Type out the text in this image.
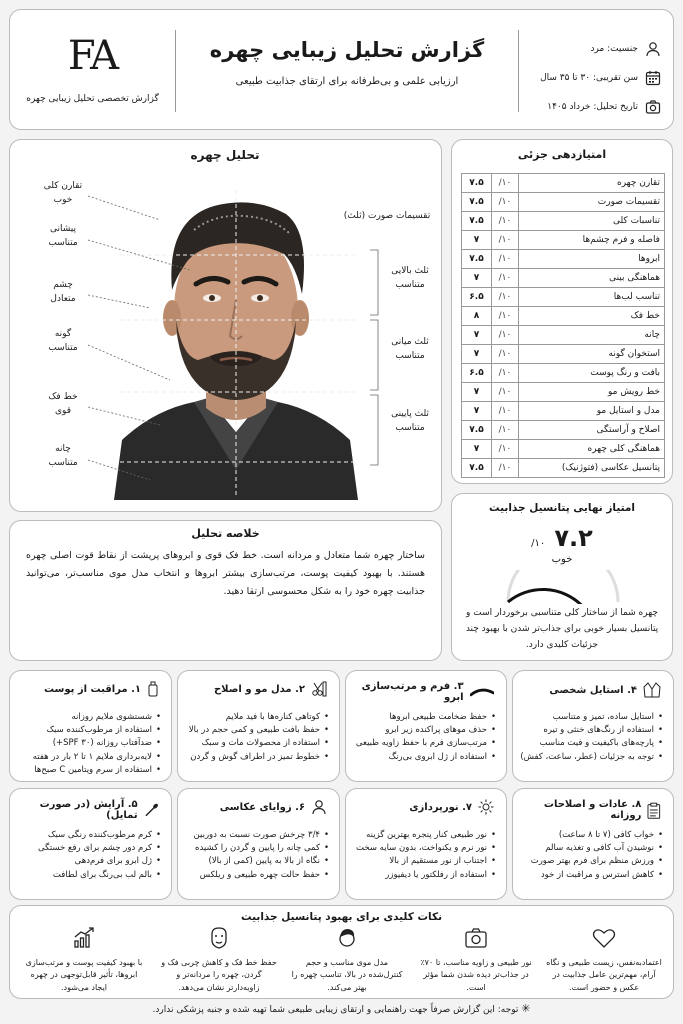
FA
گزارش تخصصی تحلیل زیبایی چهره
گزارش تحلیل زیبایی چهره
ارزیابی علمی و بی‌طرفانه برای ارتقای جذابیت طبیعی
جنسیت: مرد
سن تقریبی: ۳۰ تا ۳۵ سال
تاریخ تحلیل: خرداد ۱۴۰۵
تحلیل چهره
تقارن کلی
خوب
پیشانی
متناسب
چشم
متعادل
گونه
متناسب
خط فک
قوی
چانه
متناسب
تقسیمات صورت (ثلث)
ثلث بالایی
متناسب
ثلث میانی
متناسب
ثلث پایینی
متناسب
امتیازدهی جزئی
۷.۵	/۱۰	تقارن چهره
۷.۵	/۱۰	تقسیمات صورت
۷.۵	/۱۰	تناسبات کلی
۷	/۱۰	فاصله و فرم چشم‌ها
۷.۵	/۱۰	ابروها
۷	/۱۰	هماهنگی بینی
۶.۵	/۱۰	تناسب لب‌ها
۸	/۱۰	خط فک
۷	/۱۰	چانه
۷	/۱۰	استخوان گونه
۶.۵	/۱۰	بافت و رنگ پوست
۷	/۱۰	خط رویش مو
۷	/۱۰	مدل و استایل مو
۷.۵	/۱۰	اصلاح و آراستگی
۷	/۱۰	هماهنگی کلی چهره
۷.۵	/۱۰	پتانسیل عکاسی (فتوژنیک)
امتیاز نهایی پتانسیل جذابیت
/۱۰ ۷.۲
خوب
چهره شما از ساختار کلی متناسبی برخوردار است و پتانسیل بسیار خوبی برای جذاب‌تر شدن با بهبود چند جزئیات کلیدی دارد.
خلاصه تحلیل
ساختار چهره شما متعادل و مردانه است. خط فک قوی و ابروهای پرپشت از نقاط قوت اصلی چهره هستند. با بهبود کیفیت پوست، مرتب‌سازی بیشتر ابروها و انتخاب مدل موی مناسب‌تر، می‌توانید جذابیت چهره خود را به شکل محسوسی ارتقا دهید.
۱. مراقبت از پوست
• شستشوی ملایم روزانه
• استفاده از مرطوب‌کننده سبک
• ضدآفتاب روزانه (SPF ۳۰+)
• لایه‌برداری ملایم ۱ تا ۲ بار در هفته
• استفاده از سرم ویتامین C صبح‌ها
۲. مدل مو و اصلاح
• کوتاهی کناره‌ها با فید ملایم
• حفظ بافت طبیعی و کمی حجم در بالا
• استفاده از محصولات مات و سبک
• خطوط تمیز در اطراف گوش و گردن
۳. فرم و مرتب‌سازی ابرو
• حفظ ضخامت طبیعی ابروها
• حذف موهای پراکنده زیر ابرو
• مرتب‌سازی فرم با حفظ زاویه طبیعی
• استفاده از ژل ابروی بی‌رنگ
۴. استایل شخصی
• استایل ساده، تمیز و متناسب
• استفاده از رنگ‌های خنثی و تیره
• پارچه‌های باکیفیت و فیت مناسب
• توجه به جزئیات (عطر، ساعت، کفش)
۵. آرایش (در صورت تمایل)
• کرم مرطوب‌کننده رنگی سبک
• کرم دور چشم برای رفع خستگی
• ژل ابرو برای فرم‌دهی
• بالم لب بی‌رنگ برای لطافت
۶. زوایای عکاسی
• ۳/۴ چرخش صورت نسبت به دوربین
• کمی چانه را پایین و گردن را کشیده
• نگاه از بالا به پایین (کمی از بالا)
• حفظ حالت چهره طبیعی و ریلکس
۷. نورپردازی
• نور طبیعی کنار پنجره بهترین گزینه
• نور نرم و یکنواخت، بدون سایه سخت
• اجتناب از نور مستقیم از بالا
• استفاده از رفلکتور یا دیفیوزر
۸. عادات و اصلاحات روزانه
• خواب کافی (۷ تا ۸ ساعت)
• نوشیدن آب کافی و تغذیه سالم
• ورزش منظم برای فرم بهتر صورت
• کاهش استرس و مراقبت از خود
نکات کلیدی برای بهبود پتانسیل جذابیت
اعتماد‌به‌نفس، زیست طبیعی و نگاه آرام، مهم‌ترین عامل جذابیت در عکس و حضور است.
نور طبیعی و زاویه مناسب، تا ۷۰٪ در جذاب‌تر دیده شدن شما مؤثر است.
مدل موی مناسب و حجم کنترل‌شده در بالا، تناسب چهره را بهتر می‌کند.
حفظ خط فک و کاهش چربی فک و گردن، چهره را مردانه‌تر و زاویه‌دارتر نشان می‌دهد.
با بهبود کیفیت پوست و مرتب‌سازی ابروها، تأثیر قابل‌توجهی در چهره ایجاد می‌شود.
✳ توجه: این گزارش صرفاً جهت راهنمایی و ارتقای زیبایی طبیعی شما تهیه شده و جنبه پزشکی ندارد.
